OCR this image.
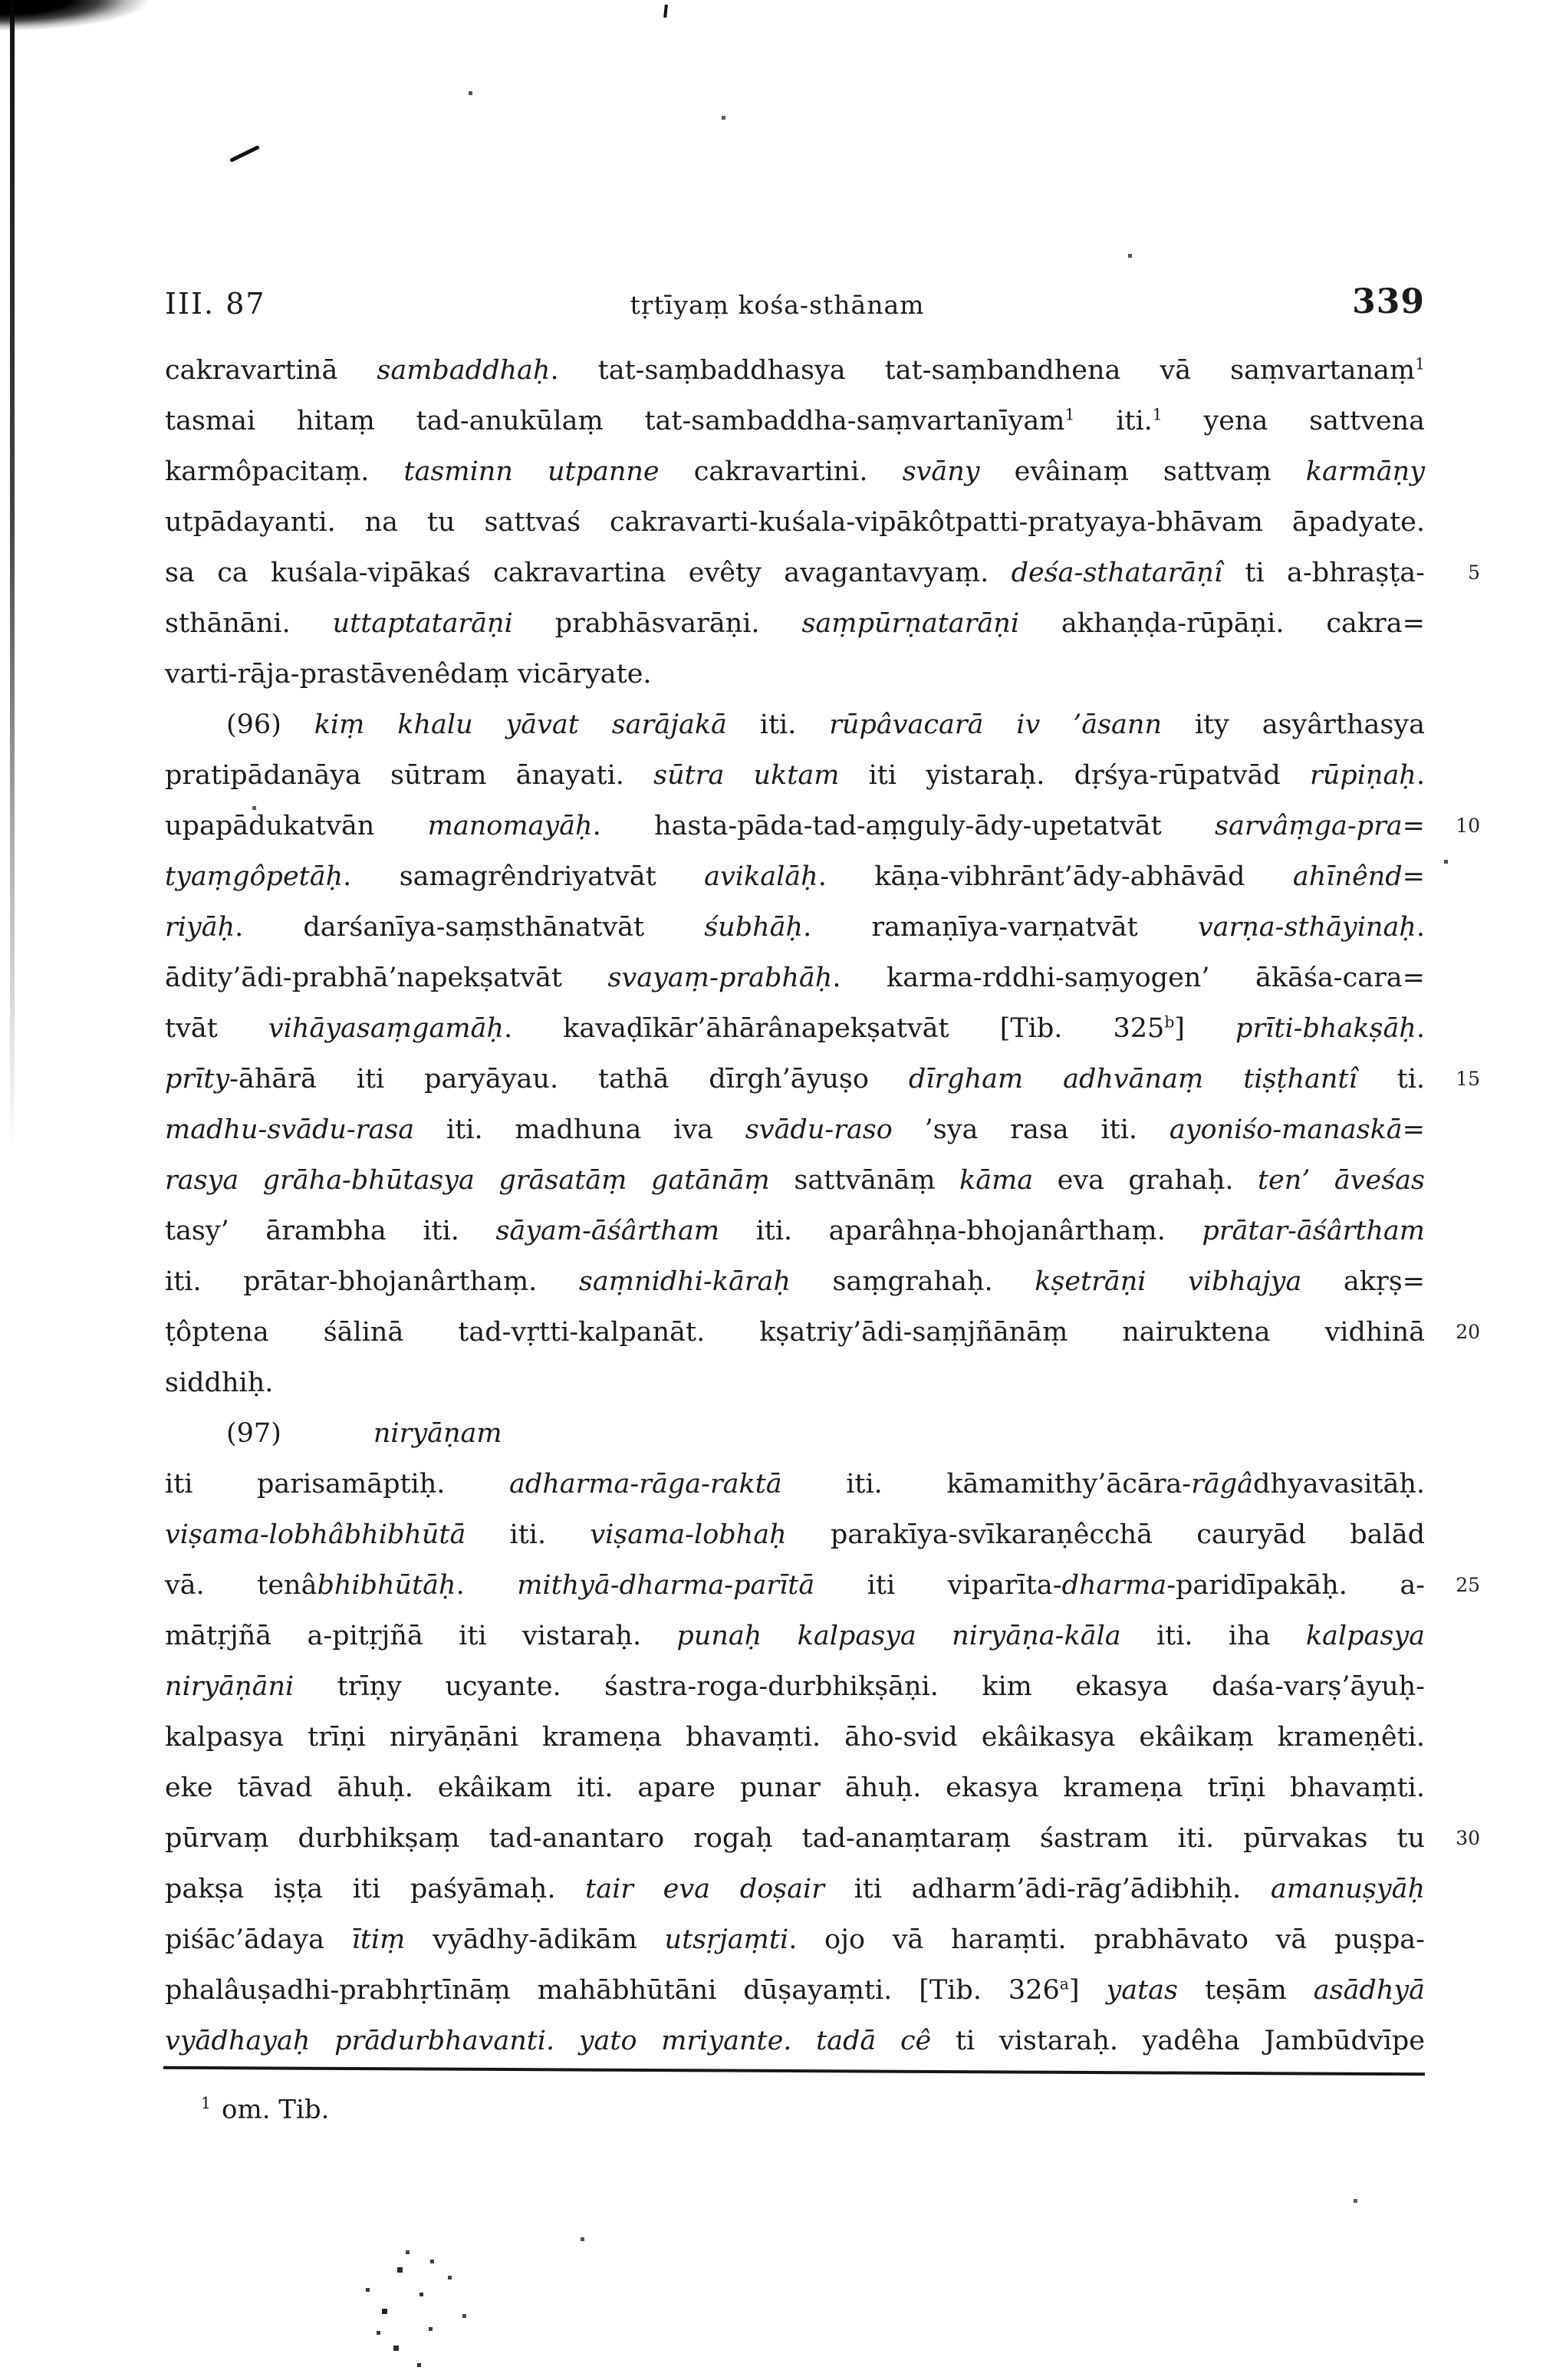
III. 87	tṛtīyaṃ kośa-sthānam	339
cakravartinā sambaddhaḥ. tat-saṃbaddhasya tat-saṃbandhena vā saṃvartanaṃ$^1$
tasmai hitaṃ tad-anukūlaṃ tat-sambaddha-saṃvartanīyam$^1$ iti.$^1$ yena sattvena
karmôpacitaṃ. tasminn utpanne cakravartini. svāny evâinaṃ sattvaṃ karmāṇy
utpādayanti. na tu sattvaś cakravarti-kuśala-vipākôtpatti-pratyaya-bhāvam āpadyate.
sa ca kuśala-vipākaś cakravartina evêty avagantavyaṃ. deśa-sthatarāṇî ti a-bhraṣṭa- 5
sthānāni. uttaptatarāṇi prabhāsvarāṇi. saṃpūrṇatarāṇi akhaṇḍa-rūpāṇi. cakra=
varti-rāja-prastāvenêdaṃ vicāryate.
(96) kiṃ khalu yāvat sarājakā iti. rūpâvacarā iv ’āsann ity asyârthasya
pratipādanāya sūtram ānayati. sūtra uktam iti yistaraḥ. dṛśya-rūpatvād rūpiṇaḥ.
upapādukatvān manomayāḥ. hasta-pāda-tad-aṃguly-ādy-upetatvāt sarvâṃga-pra= 10
tyaṃgôpetāḥ. samagrêndriyatvāt avikalāḥ. kāṇa-vibhrānt’ādy-abhāvād ahīnênd=
riyāḥ. darśanīya-saṃsthānatvāt śubhāḥ. ramaṇīya-varṇatvāt varṇa-sthāyinaḥ.
ādity’ādi-prabhā’napekṣatvāt svayaṃ-prabhāḥ. karma-rddhi-saṃyogen’ ākāśa-cara=
tvāt vihāyasaṃgamāḥ. kavaḍīkār’āhārânapekṣatvāt [Tib. 325$^b$] prīti-bhakṣāḥ.
prīty-āhārā iti paryāyau. tathā dīrgh’āyuṣo dīrgham adhvānaṃ tiṣṭhantî ti. 15
madhu-svādu-rasa iti. madhuna iva svādu-raso ’sya rasa iti. ayoniśo-manaskā=
rasya grāha-bhūtasya grāsatāṃ gatānāṃ sattvānāṃ kāma eva grahaḥ. ten’ āveśas
tasy’ ārambha iti. sāyam-āśârtham iti. aparâhṇa-bhojanârthaṃ. prātar-āśârtham
iti. prātar-bhojanârthaṃ. saṃnidhi-kāraḥ saṃgrahaḥ. kṣetrāṇi vibhajya akṛṣ=
ṭôptena śālinā tad-vṛtti-kalpanāt. kṣatriy’ādi-saṃjñānāṃ nairuktena vidhinā 20
siddhiḥ.
(97)	niryāṇam
iti parisamāptiḥ. adharma-rāga-raktā iti. kāmamithy’ācāra-rāgâdhyavasitāḥ.
viṣama-lobhâbhibhūtā iti. viṣama-lobhaḥ parakīya-svīkaraṇêcchā cauryād balād
vā. tenâbhibhūtāḥ. mithyā-dharma-parītā iti viparīta-dharma-paridīpakāḥ. a- 25
mātṛjñā a-pitṛjñā iti vistaraḥ. punaḥ kalpasya niryāṇa-kāla iti. iha kalpasya
niryāṇāni trīṇy ucyante. śastra-roga-durbhikṣāṇi. kim ekasya daśa-varṣ’āyuḥ-
kalpasya trīṇi niryāṇāni krameṇa bhavaṃti. āho-svid ekâikasya ekâikaṃ krameṇêti.
eke tāvad āhuḥ. ekâikam iti. apare punar āhuḥ. ekasya krameṇa trīṇi bhavaṃti.
pūrvaṃ durbhikṣaṃ tad-anantaro rogaḥ tad-anaṃtaraṃ śastram iti. pūrvakas tu 30
pakṣa iṣṭa iti paśyāmaḥ. tair eva doṣair iti adharm’ādi-rāg’ādibhiḥ. amanuṣyāḥ
piśāc’ādaya ītiṃ vyādhy-ādikām utsṛjaṃti. ojo vā haraṃti. prabhāvato vā puṣpa-
phalâuṣadhi-prabhṛtīnāṃ mahābhūtāni dūṣayaṃti. [Tib. 326$^a$] yatas teṣām asādhyā
vyādhayaḥ prādurbhavanti. yato mriyante. tadā cê ti vistaraḥ. yadêha Jambūdvīpe
$^1$ om. Tib.
